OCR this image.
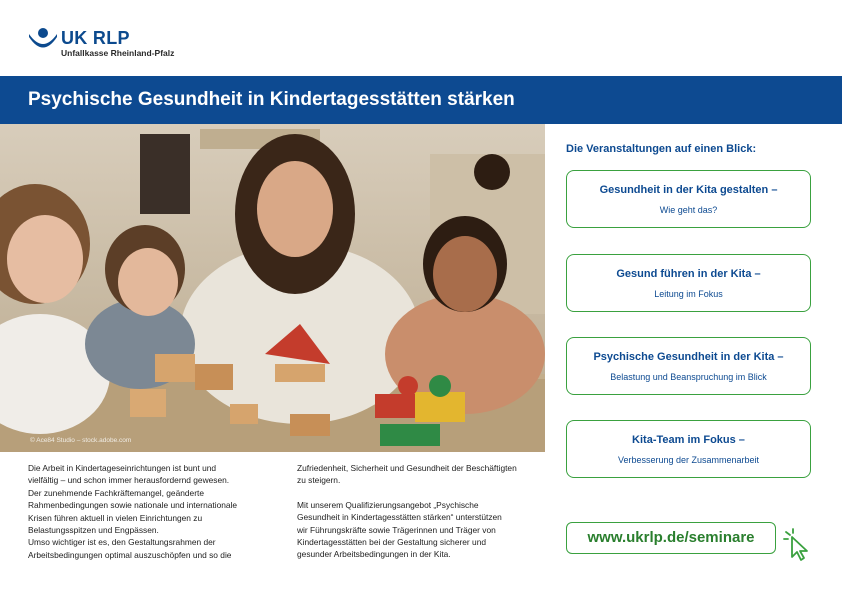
UK RLP
Unfallkasse Rheinland-Pfalz
Psychische Gesundheit in Kindertagesstätten stärken
© Ace84 Studio – stock.adobe.com
Die Veranstaltungen auf einen Blick:
Gesundheit in der Kita gestalten –
Wie geht das?
Gesund führen in der Kita –
Leitung im Fokus
Psychische Gesundheit in der Kita –
Belastung und Beanspruchung im Blick
Kita-Team im Fokus –
Verbesserung der Zusammenarbeit
Die Arbeit in Kindertageseinrichtungen ist bunt und
vielfältig – und schon immer herausfordernd gewesen.
Der zunehmende Fachkräftemangel, geänderte
Rahmenbedingungen sowie nationale und internationale
Krisen führen aktuell in vielen Einrichtungen zu
Belastungsspitzen und Engpässen.
Umso wichtiger ist es, den Gestaltungsrahmen der
Arbeitsbedingungen optimal auszuschöpfen und so die
Zufriedenheit, Sicherheit und Gesundheit der Beschäftigten
zu steigern.
Mit unserem Qualifizierungsangebot „Psychische
Gesundheit in Kindertagesstätten stärken“ unterstützen
wir Führungskräfte sowie Trägerinnen und Träger von
Kindertagesstätten bei der Gestaltung sicherer und
gesunder Arbeitsbedingungen in der Kita.
www.ukrlp.de/seminare
